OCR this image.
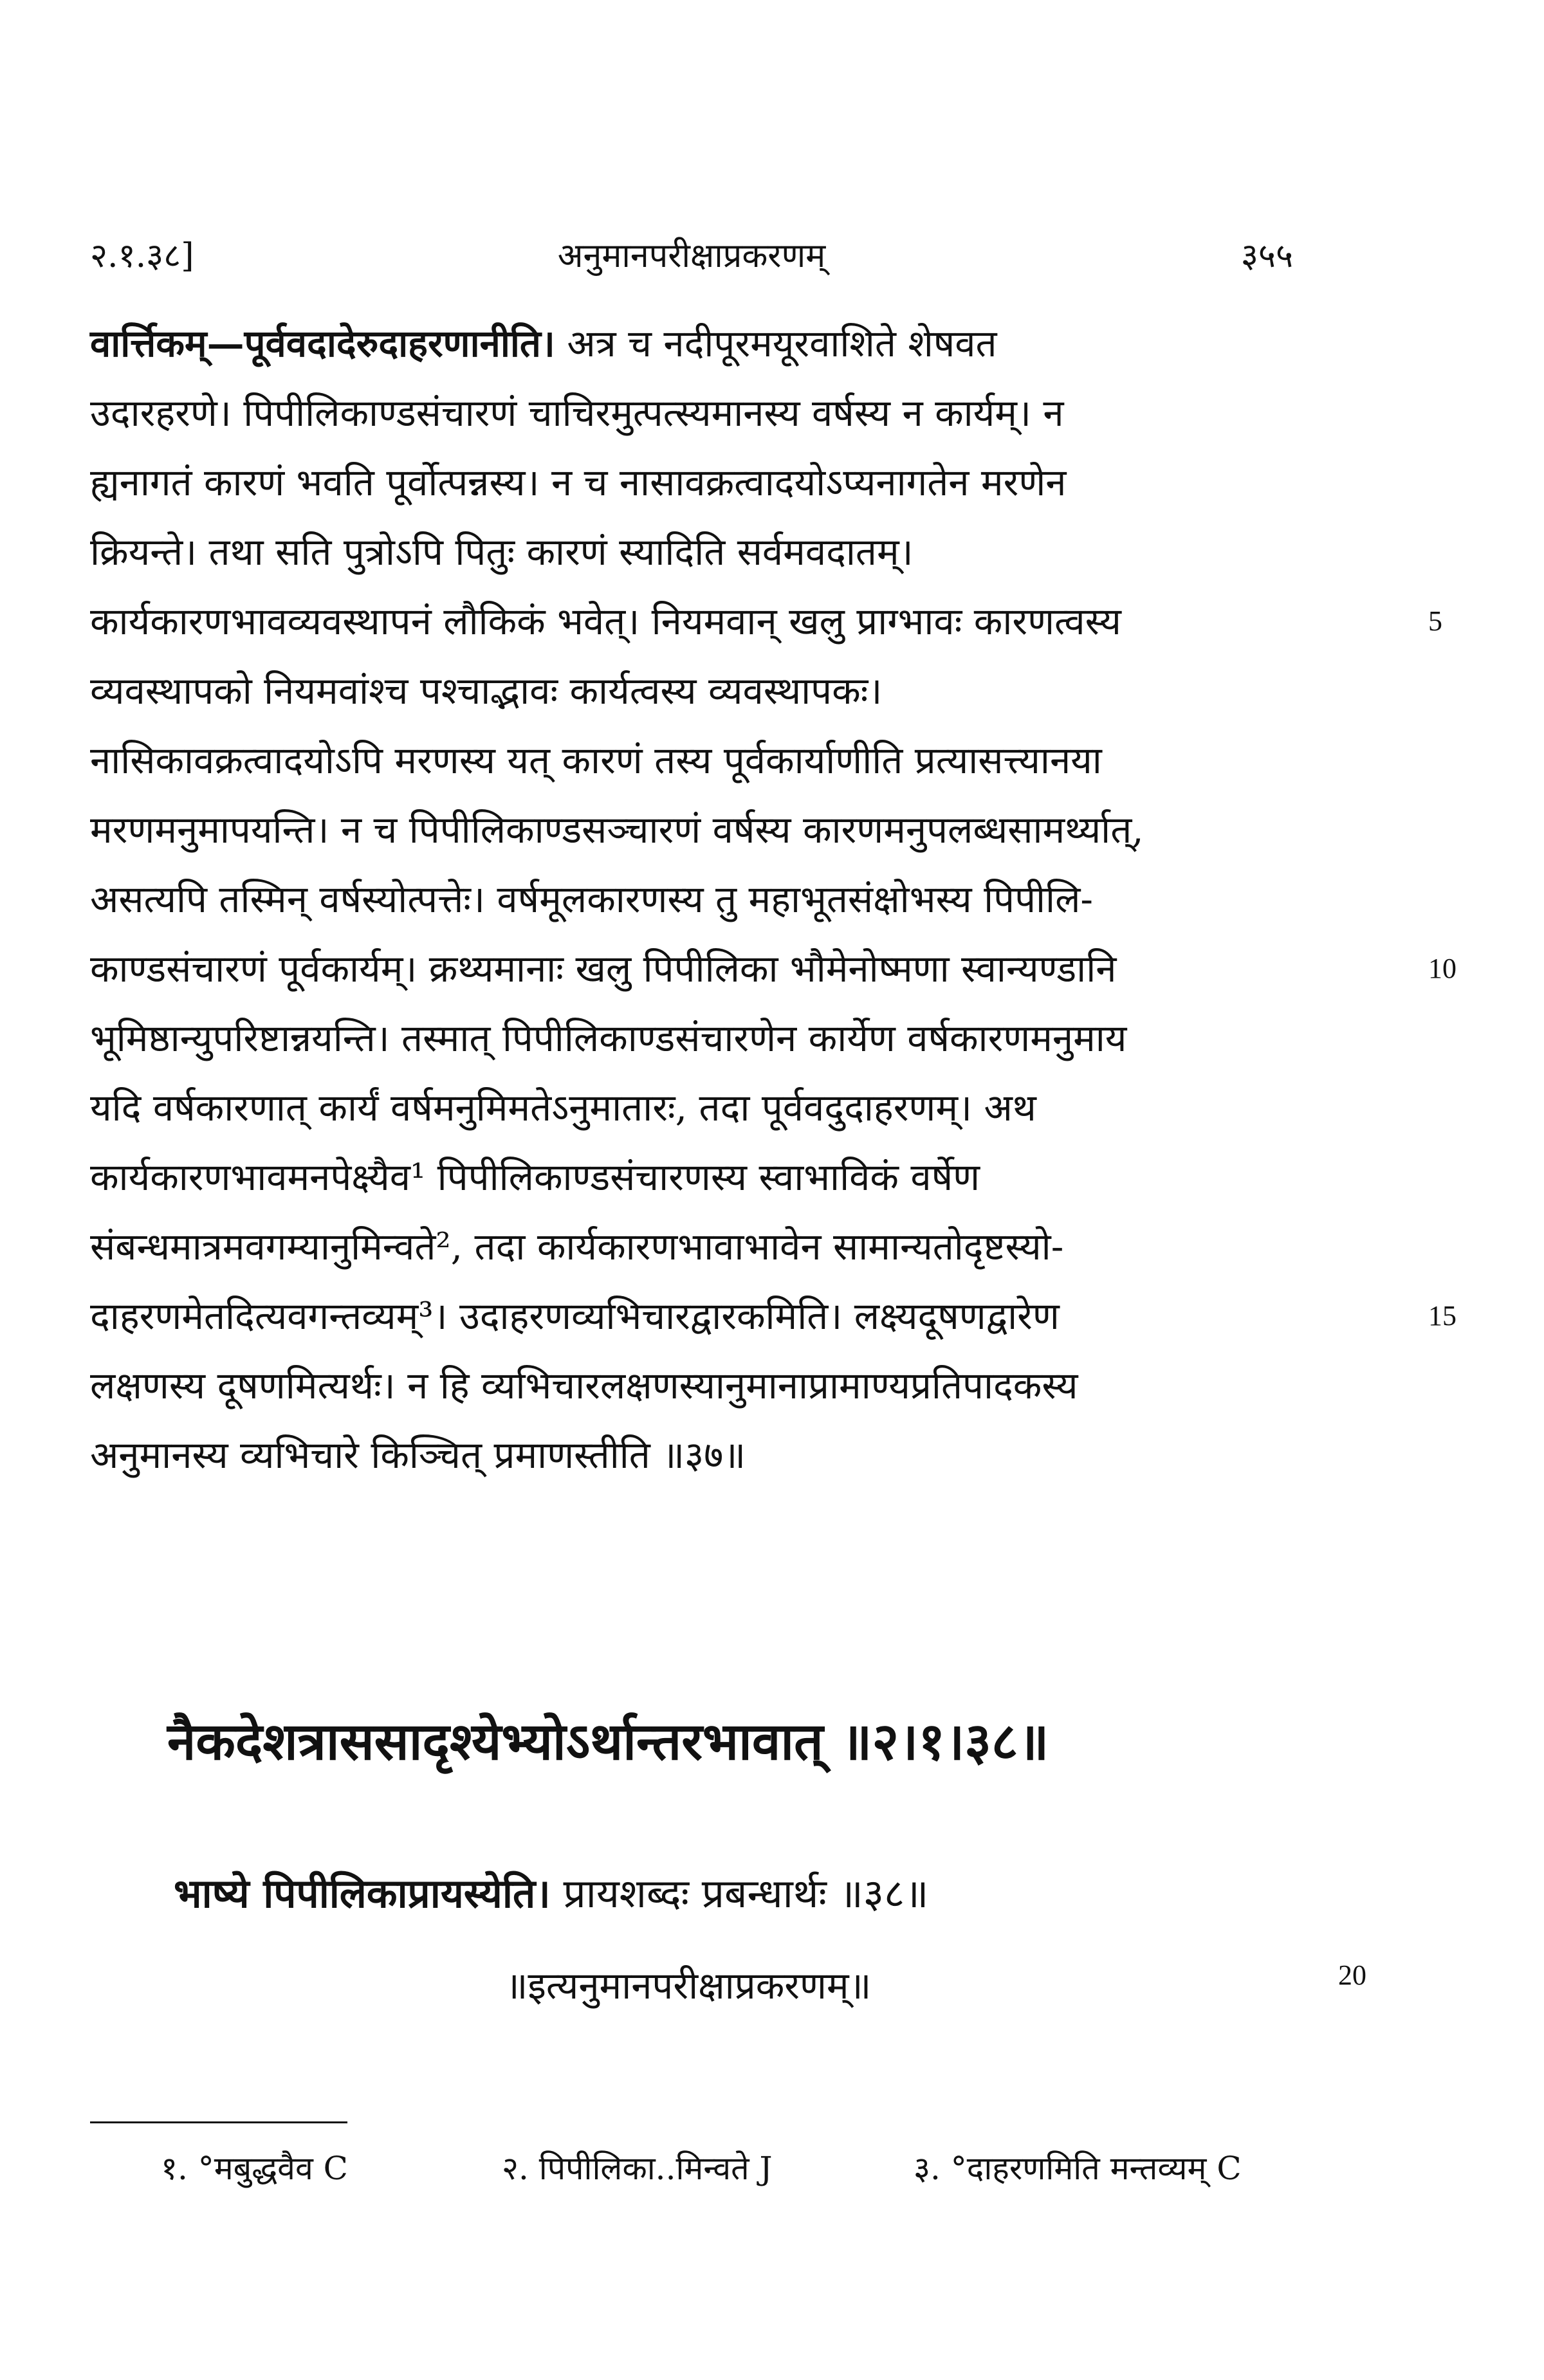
२.१.३८]	अनुमानपरीक्षाप्रकरणम्	३५५
वार्त्तिकम्—पूर्ववदादेरुदाहरणानीति। अत्र च नदीपूरमयूरवाशिते शेषवत
उदारहरणे। पिपीलिकाण्डसंचारणं चाचिरमुत्पत्स्यमानस्य वर्षस्य न कार्यम्। न
ह्यनागतं कारणं भवति पूर्वोत्पन्नस्य। न च नासावक्रत्वादयोऽप्यनागतेन मरणेन
क्रियन्ते। तथा सति पुत्रोऽपि पितुः कारणं स्यादिति सर्वमवदातम्।
कार्यकारणभावव्यवस्थापनं लौकिकं भवेत्। नियमवान् खलु प्राग्भावः कारणत्वस्य	5
व्यवस्थापको नियमवांश्च पश्चाद्भावः कार्यत्वस्य व्यवस्थापकः।
नासिकावक्रत्वादयोऽपि मरणस्य यत् कारणं तस्य पूर्वकार्याणीति प्रत्यासत्त्यानया
मरणमनुमापयन्ति। न च पिपीलिकाण्डसञ्चारणं वर्षस्य कारणमनुपलब्धसामर्थ्यात्,
असत्यपि तस्मिन् वर्षस्योत्पत्तेः। वर्षमूलकारणस्य तु महाभूतसंक्षोभस्य पिपीलि-
काण्डसंचारणं पूर्वकार्यम्। क्रथ्यमानाः खलु पिपीलिका भौमेनोष्मणा स्वान्यण्डानि	10
भूमिष्ठान्युपरिष्टान्नयन्ति। तस्मात् पिपीलिकाण्डसंचारणेन कार्येण वर्षकारणमनुमाय
यदि वर्षकारणात् कार्यं वर्षमनुमिमतेऽनुमातारः, तदा पूर्ववदुदाहरणम्। अथ
कार्यकारणभावमनपेक्ष्यैव¹ पिपीलिकाण्डसंचारणस्य स्वाभाविकं वर्षेण
संबन्धमात्रमवगम्यानुमिन्वते², तदा कार्यकारणभावाभावेन सामान्यतोदृष्टस्यो-
दाहरणमेतदित्यवगन्तव्यम्³। उदाहरणव्यभिचारद्वारकमिति। लक्ष्यदूषणद्वारेण	15
लक्षणस्य दूषणमित्यर्थः। न हि व्यभिचारलक्षणस्यानुमानाप्रामाण्यप्रतिपादकस्य
अनुमानस्य व्यभिचारे किञ्चित् प्रमाणस्तीति ॥३७॥
नैकदेशत्राससादृश्येभ्योऽर्थान्तरभावात् ॥२।१।३८॥
भाष्ये पिपीलिकाप्रायस्येति। प्रायशब्दः प्रबन्धार्थः ॥३८॥
॥इत्यनुमानपरीक्षाप्रकरणम्॥	20
१. °मबुद्धवैव C	२. पिपीलिका..मिन्वते J	३. °दाहरणमिति मन्तव्यम् C
